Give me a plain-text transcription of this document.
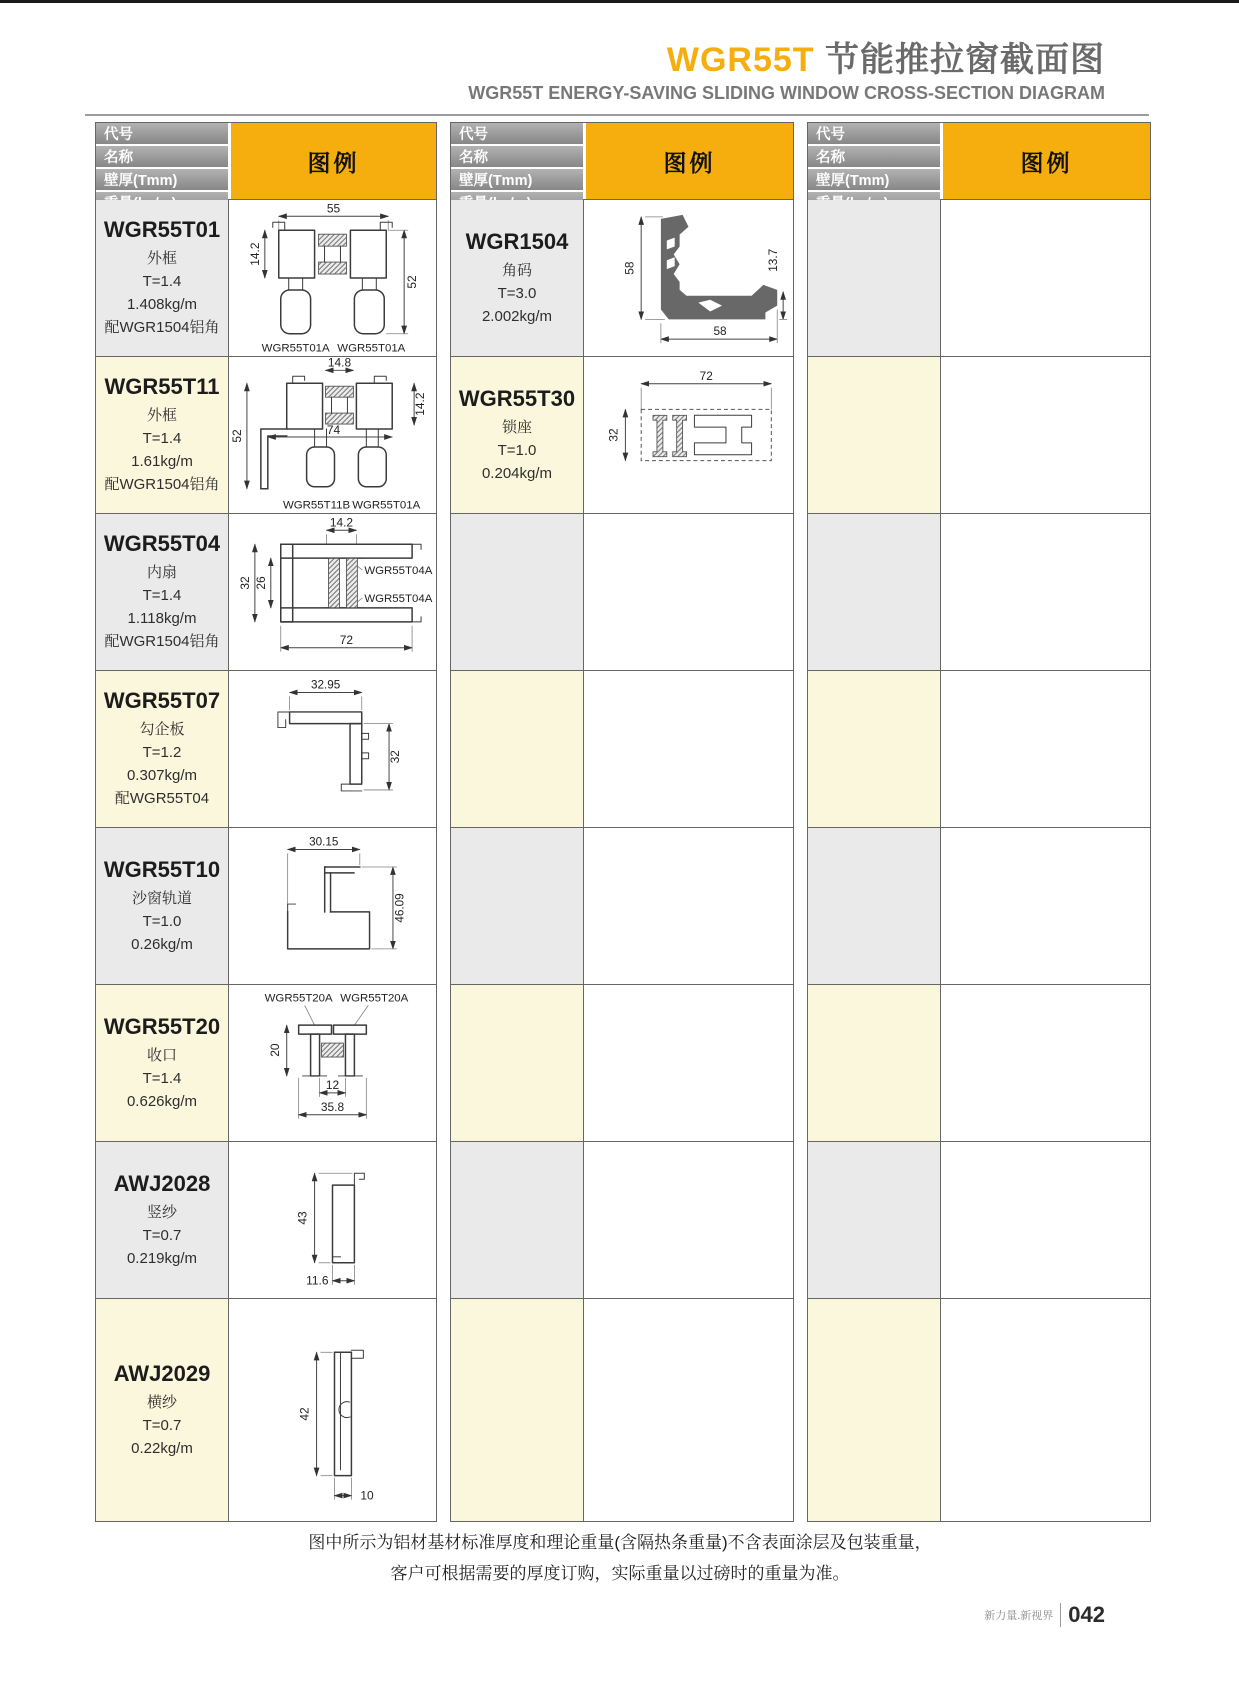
WGR55T 节能推拉窗截面图
WGR55T ENERGY-SAVING SLIDING WINDOW CROSS-SECTION DIAGRAM
代号
名称
壁厚(Tmm)
图例
WGR55T01
外框
T=1.4
1.408kg/m
配WGR1504铝角
55
14.2
52
WGR55T01A WGR55T01A
WGR55T11
外框
T=1.4
1.61kg/m
配WGR1504铝角
14.8
52	74
14.2
WGR55T11B WGR55T01A
WGR55T04
内扇
T=1.4
1.118kg/m
配WGR1504铝角
14.2
WGR55T04A
WGR55T04A
32 26
72
WGR55T07
勾企板
T=1.2
0.307kg/m
配WGR55T04
32.95
32
WGR55T10
沙窗轨道
T=1.0
0.26kg/m
30.15
46.09
WGR55T20
收口
T=1.4
0.626kg/m
WGR55T20A WGR55T20A
20
12
35.8
AWJ2028
竖纱
T=0.7
0.219kg/m
43
11.6
AWJ2029
横纱
T=0.7
0.22kg/m
42
10
代号
名称
壁厚(Tmm)
图例
WGR1504
角码
T=3.0
2.002kg/m
58
58
13.7
WGR55T30
锁座
T=1.0
0.204kg/m
72
32
代号
名称
壁厚(Tmm)
图例
图中所示为铝材基材标准厚度和理论重量(含隔热条重量)不含表面涂层及包装重量，
客户可根据需要的厚度订购，实际重量以过磅时的重量为准。
新力量.新视界 042
